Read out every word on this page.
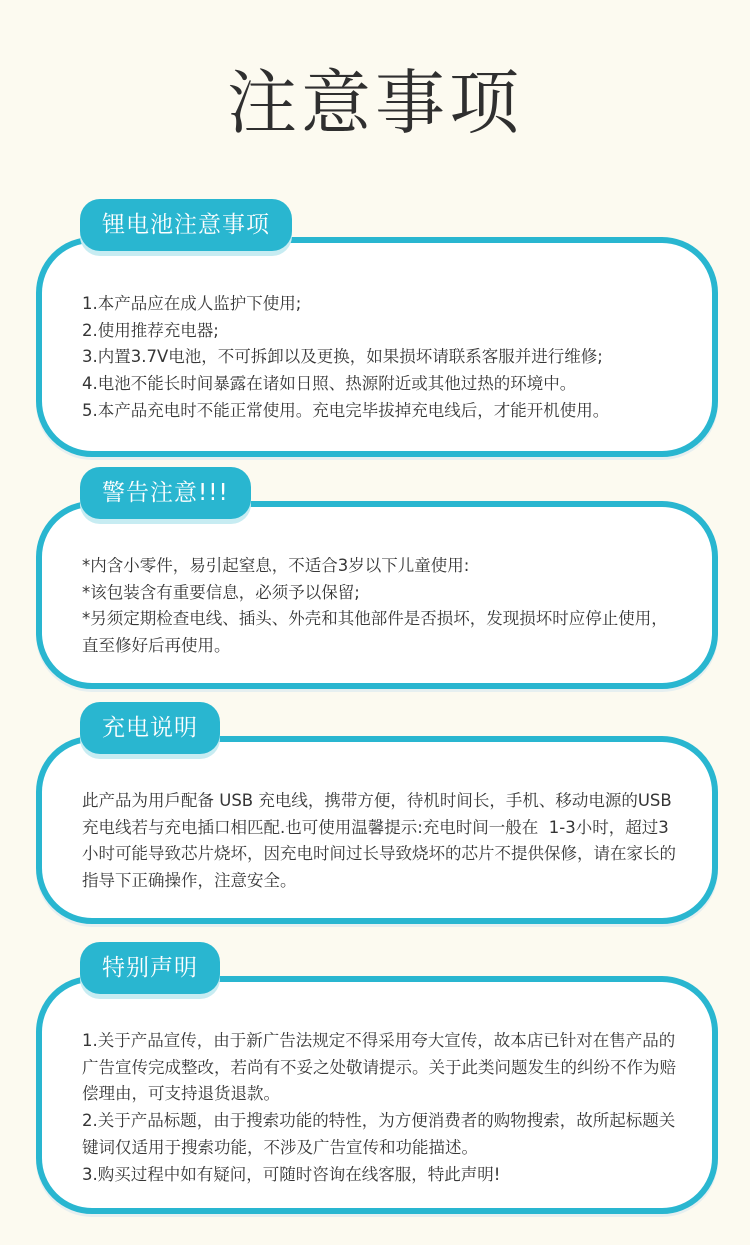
注意事项
1.本产品应在成人监护下使用;
2.使用推荐充电器;
3.内置3.7V电池，不可拆卸以及更换，如果损坏请联系客服并进行维修;
4.电池不能长时间暴露在诸如日照、热源附近或其他过热的环境中。
5.本产品充电时不能正常使用。充电完毕拔掉充电线后，才能开机使用。
锂电池注意事项
*内含小零件，易引起窒息，不适合3岁以下儿童使用:
*该包装含有重要信息，必须予以保留;
*另须定期检查电线、插头、外壳和其他部件是否损坏，发现损坏时应停止使用，直至修好后再使用。
警告注意!!!
此产品为用戶配备 USB 充电线，携带方便，待机时间长，手机、移动电源的USB充电线若与充电插口相匹配.也可使用温馨提示:充电时间一般在  1-3小时，超过3小时可能导致芯片烧坏，因充电时间过长导致烧坏的芯片不提供保修，请在家长的指导下正确操作，注意安全。
充电说明
1.关于产品宣传，由于新广告法规定不得采用夸大宣传，故本店已针对在售产品的广告宣传完成整改，若尚有不妥之处敬请提示。关于此类问题发生的纠纷不作为赔偿理由，可支持退货退款。
2.关于产品标题，由于搜索功能的特性，为方便消费者的购物搜索，故所起标题关键词仅适用于搜索功能，不涉及广告宣传和功能描述。
3.购买过程中如有疑问，可随时咨询在线客服，特此声明!
特别声明
